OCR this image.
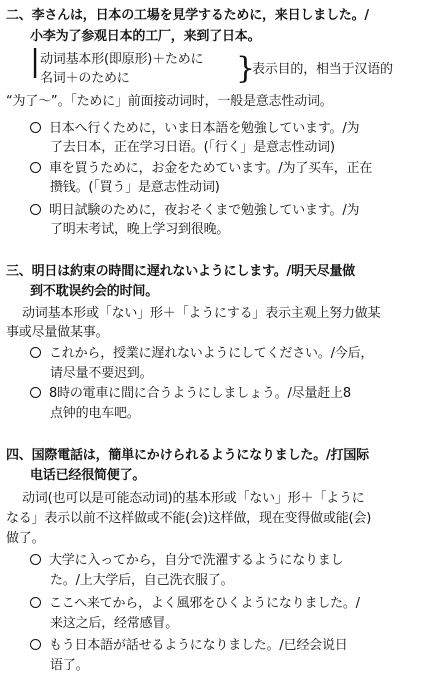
二、李さんは，日本の工場を見学するために，来日しました。/
小李为了参观日本的工厂，来到了日本。
| 动词基本形(即原形)＋ために
名词＋のために	}
表示目的，相当于汉语的
“为了～”。「ために」前面接动词时，一般是意志性动词。
日本へ行くために，いま日本語を勉強しています。/为
了去日本，正在学习日语。(「行く」是意志性动词)
車を買うために，お金をためています。/为了买车，正在
攒钱。(「買う」是意志性动词)
明日試験のために，夜おそくまで勉強しています。/为
了明末考试，晚上学习到很晚。
三、明日は約束の時間に遅れないようにします。/明天尽量做
到不耽误约会的时间。
动词基本形或「ない」形＋「ようにする」表示主观上努力做某
事或尽量做某事。
これから，授業に遅れないようにしてください。/今后，
请尽量不要迟到。
8時の電車に間に合うようにしましょう。/尽量赶上8
点钟的电车吧。
四、国際電話は，簡単にかけられるようになりました。/打国际
电话已经很简便了。
动词(也可以是可能态动词)的基本形或「ない」形＋「ように
なる」表示以前不这样做或不能(会)这样做，现在变得做或能(会)
做了。
大学に入ってから，自分で洗濯するようになりまし
た。/上大学后，自己洗衣服了。
ここへ来てから，よく風邪をひくようになりました。/
来这之后，经常感冒。
もう日本語が話せるようになりました。/已经会说日
语了。
